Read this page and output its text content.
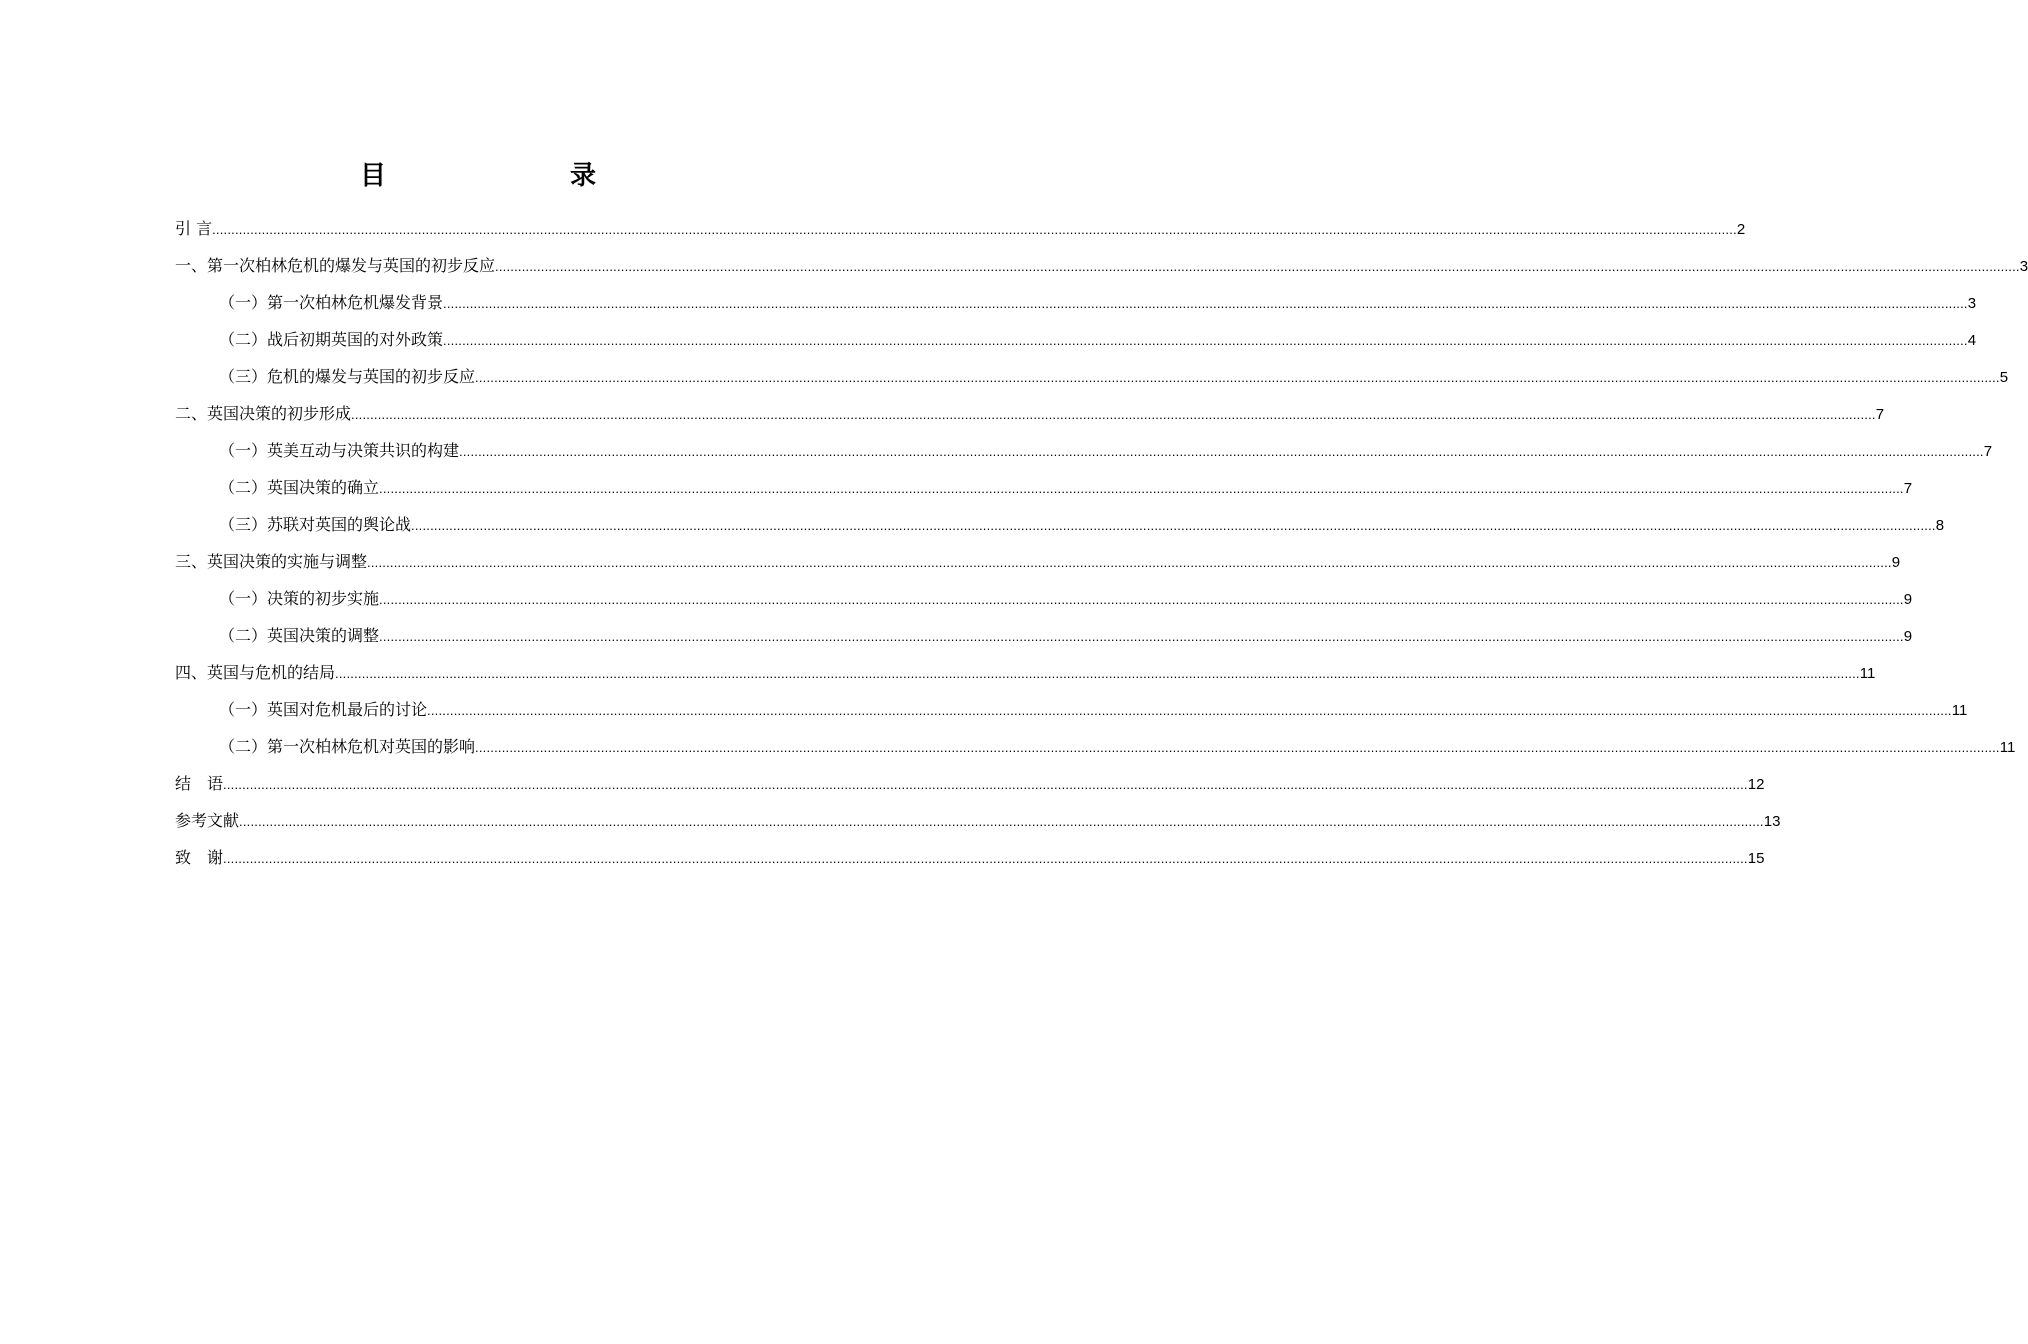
目　　录
引 言 ................................................................................................................................................................................................................................................................................................................................................................................................................ 2
一、第一次柏林危机的爆发与英国的初步反应 ................................................................................................................................................................................................................................................................................................................................................................................................................ 3
（一）第一次柏林危机爆发背景 ................................................................................................................................................................................................................................................................................................................................................................................................................ 3
（二）战后初期英国的对外政策 ................................................................................................................................................................................................................................................................................................................................................................................................................ 4
（三）危机的爆发与英国的初步反应 ................................................................................................................................................................................................................................................................................................................................................................................................................ 5
二、英国决策的初步形成 ................................................................................................................................................................................................................................................................................................................................................................................................................ 7
（一）英美互动与决策共识的构建 ................................................................................................................................................................................................................................................................................................................................................................................................................ 7
（二）英国决策的确立 ................................................................................................................................................................................................................................................................................................................................................................................................................ 7
（三）苏联对英国的舆论战 ................................................................................................................................................................................................................................................................................................................................................................................................................ 8
三、英国决策的实施与调整 ................................................................................................................................................................................................................................................................................................................................................................................................................ 9
（一）决策的初步实施 ................................................................................................................................................................................................................................................................................................................................................................................................................ 9
（二）英国决策的调整 ................................................................................................................................................................................................................................................................................................................................................................................................................ 9
四、英国与危机的结局 ................................................................................................................................................................................................................................................................................................................................................................................................................ 11
（一）英国对危机最后的讨论 ................................................................................................................................................................................................................................................................................................................................................................................................................ 11
（二）第一次柏林危机对英国的影响 ................................................................................................................................................................................................................................................................................................................................................................................................................ 11
结　语 ................................................................................................................................................................................................................................................................................................................................................................................................................ 12
参考文献 ................................................................................................................................................................................................................................................................................................................................................................................................................ 13
致　谢 ................................................................................................................................................................................................................................................................................................................................................................................................................ 15
